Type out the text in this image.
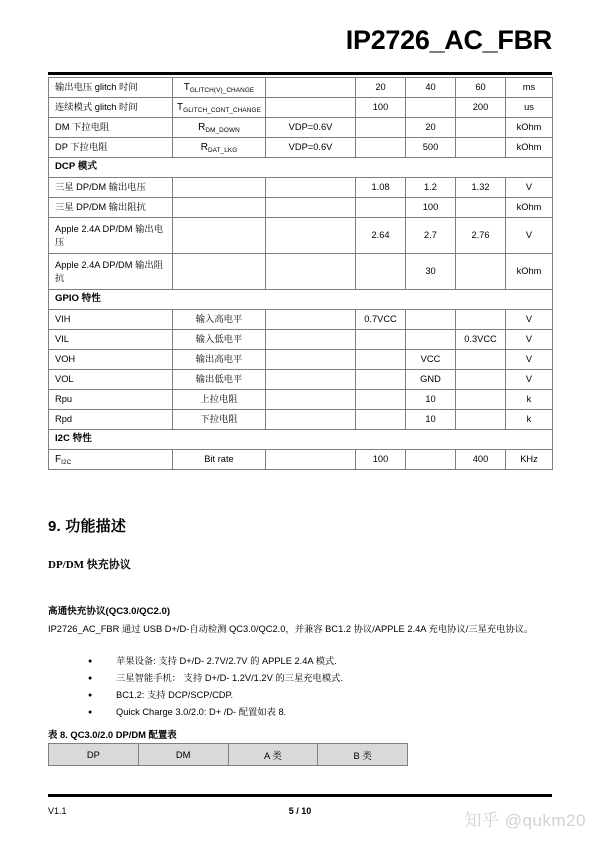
IP2726_AC_FBR
输出电压 glitch 时间	$T_{GLITCH(V)\_CHANGE}$		20	40	60	ms
连续模式 glitch 时间	$T_{GLITCH\_CONT\_CHANGE}$		100		200	us
DM 下拉电阻	$R_{DM\_DOWN}$	VDP=0.6V		20		kOhm
DP 下拉电阻	$R_{DAT\_LKG}$	VDP=0.6V		500		kOhm
DCP 模式						
三星 DP/DM 输出电压			1.08	1.2	1.32	V
三星 DP/DM 输出阻抗				100		kOhm
Apple 2.4A DP/DM 输出电压			2.64	2.7	2.76	V
Apple 2.4A DP/DM 输出阻抗				30		kOhm
GPIO 特性						
VIH	输入高电平		0.7VCC			V
VIL	输入低电平				0.3VCC	V
VOH	输出高电平			VCC		V
VOL	输出低电平			GND		V
Rpu	上拉电阻			10		k
Rpd	下拉电阻			10		k
I2C 特性						
$F_{I2C}$	Bit rate		100		400	KHz
9. 功能描述
DP/DM 快充协议
高通快充协议(QC3.0/QC2.0)
IP2726_AC_FBR 通过 USB D+/D-自动检测 QC3.0/QC2.0，并兼容 BC1.2 协议/APPLE 2.4A 充电协议/三星充电协议。
● 苹果设备: 支持 D+/D- 2.7V/2.7V 的 APPLE 2.4A 模式.
● 三星智能手机： 支持 D+/D- 1.2V/1.2V 的三星充电模式.
● BC1.2: 支持 DCP/SCP/CDP.
● Quick Charge 3.0/2.0: D+ /D- 配置如表 8.
表 8. QC3.0/2.0 DP/DM 配置表
DP	DM	A 类	B 类
V1.1	5 / 10	知乎 @qukm20
